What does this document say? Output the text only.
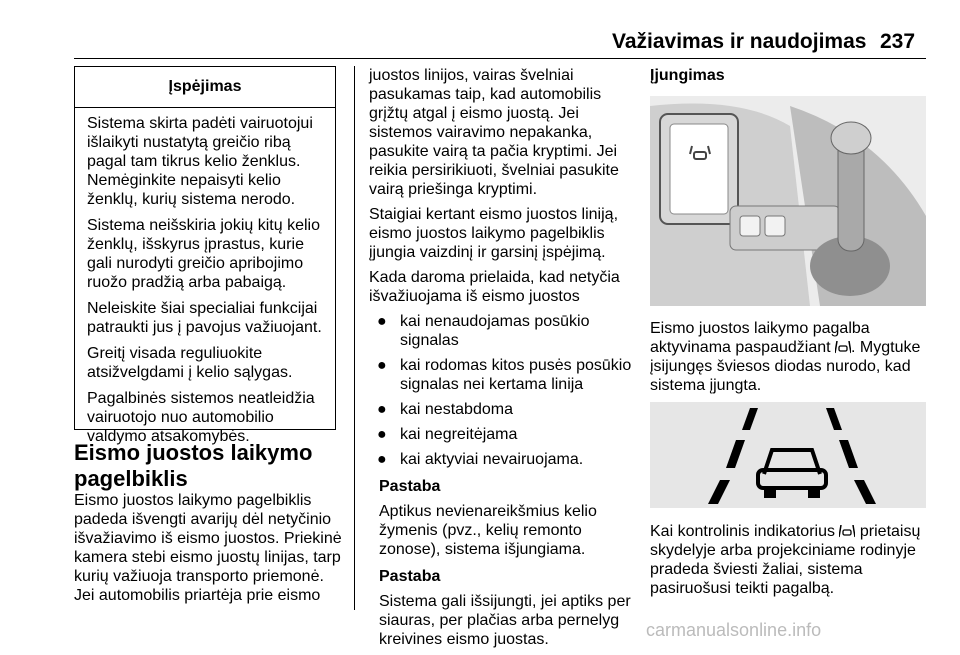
Važiavimas ir naudojimas 237
Įspėjimas

Sistema skirta padėti vairuotojui išlaikyti nustatytą greičio ribą pagal tam tikrus kelio ženklus. Nemėginkite nepaisyti kelio ženklų, kurių sistema nerodo.

Sistema neišskiria jokių kitų kelio ženklų, išskyrus įprastus, kurie gali nurodyti greičio apribojimo ruožo pradžią arba pabaigą.

Neleiskite šiai specialiai funkcijai patraukti jus į pavojus važiuojant.

Greitį visada reguliuokite atsižvelgdami į kelio sąlygas.

Pagalbinės sistemos neatleidžia vairuotojo nuo automobilio valdymo atsakomybės.

Eismo juostos laikymo pagelbiklis

Eismo juostos laikymo pagelbiklis padeda išvengti avarijų dėl netyčinio išvažiavimo iš eismo juostos. Priekinė kamera stebi eismo juostų linijas, tarp kurių važiuoja transporto priemonė. Jei automobilis priartėja prie eismo

juostos linijos, vairas švelniai pasukamas taip, kad automobilis grįžtų atgal į eismo juostą. Jei sistemos vairavimo nepakanka, pasukite vairą ta pačia kryptimi. Jei reikia persirikiuoti, švelniai pasukite vairą priešinga kryptimi.

Staigiai kertant eismo juostos liniją, eismo juostos laikymo pagelbiklis įjungia vaizdinį ir garsinį įspėjimą.

Kada daroma prielaida, kad netyčia išvažiuojama iš eismo juostos

● kai nenaudojamas posūkio signalas

● kai rodomas kitos pusės posūkio signalas nei kertama linija

● kai nestabdoma

● kai negreitėjama

● kai aktyviai nevairuojama.

Pastaba

Aptikus nevienareikšmius kelio žymenis (pvz., kelių remonto zonose), sistema išjungiama.

Pastaba

Sistema gali išsijungti, jei aptiks per siauras, per plačias arba pernelyg kreivines eismo juostas.

Įjungimas

Eismo juostos laikymo pagalba aktyvinama paspaudžiant . Mygtuke įsijungęs šviesos diodas nurodo, kad sistema įjungta.

Kai kontrolinis indikatorius prietaisų skydelyje arba projekciniame rodinyje pradeda šviesti žaliai, sistema pasiruošusi teikti pagalbą.

carmanualsonline.info
